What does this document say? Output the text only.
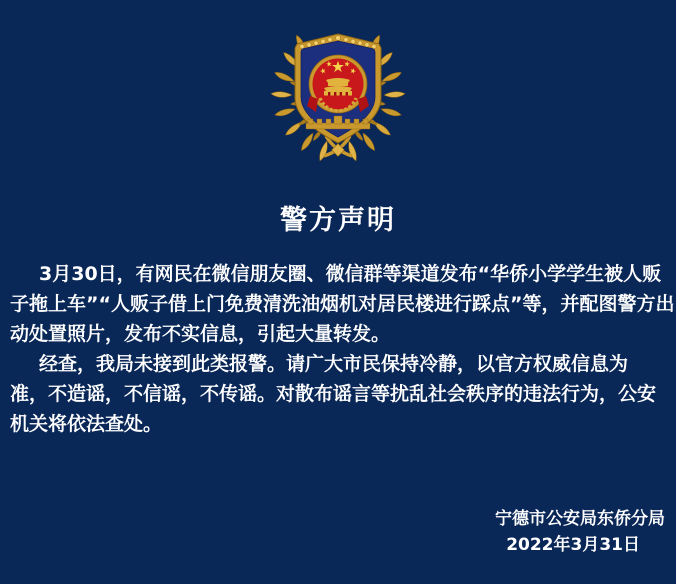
警方声明
3月30日，有网民在微信朋友圈、微信群等渠道发布“华侨小学学生被人贩
子拖上车”“人贩子借上门免费清洗油烟机对居民楼进行踩点”等，并配图警方出
动处置照片，发布不实信息，引起大量转发。
经查，我局未接到此类报警。请广大市民保持冷静，以官方权威信息为
准，不造谣，不信谣，不传谣。对散布谣言等扰乱社会秩序的违法行为，公安
机关将依法查处。
宁德市公安局东侨分局
2022年3月31日
